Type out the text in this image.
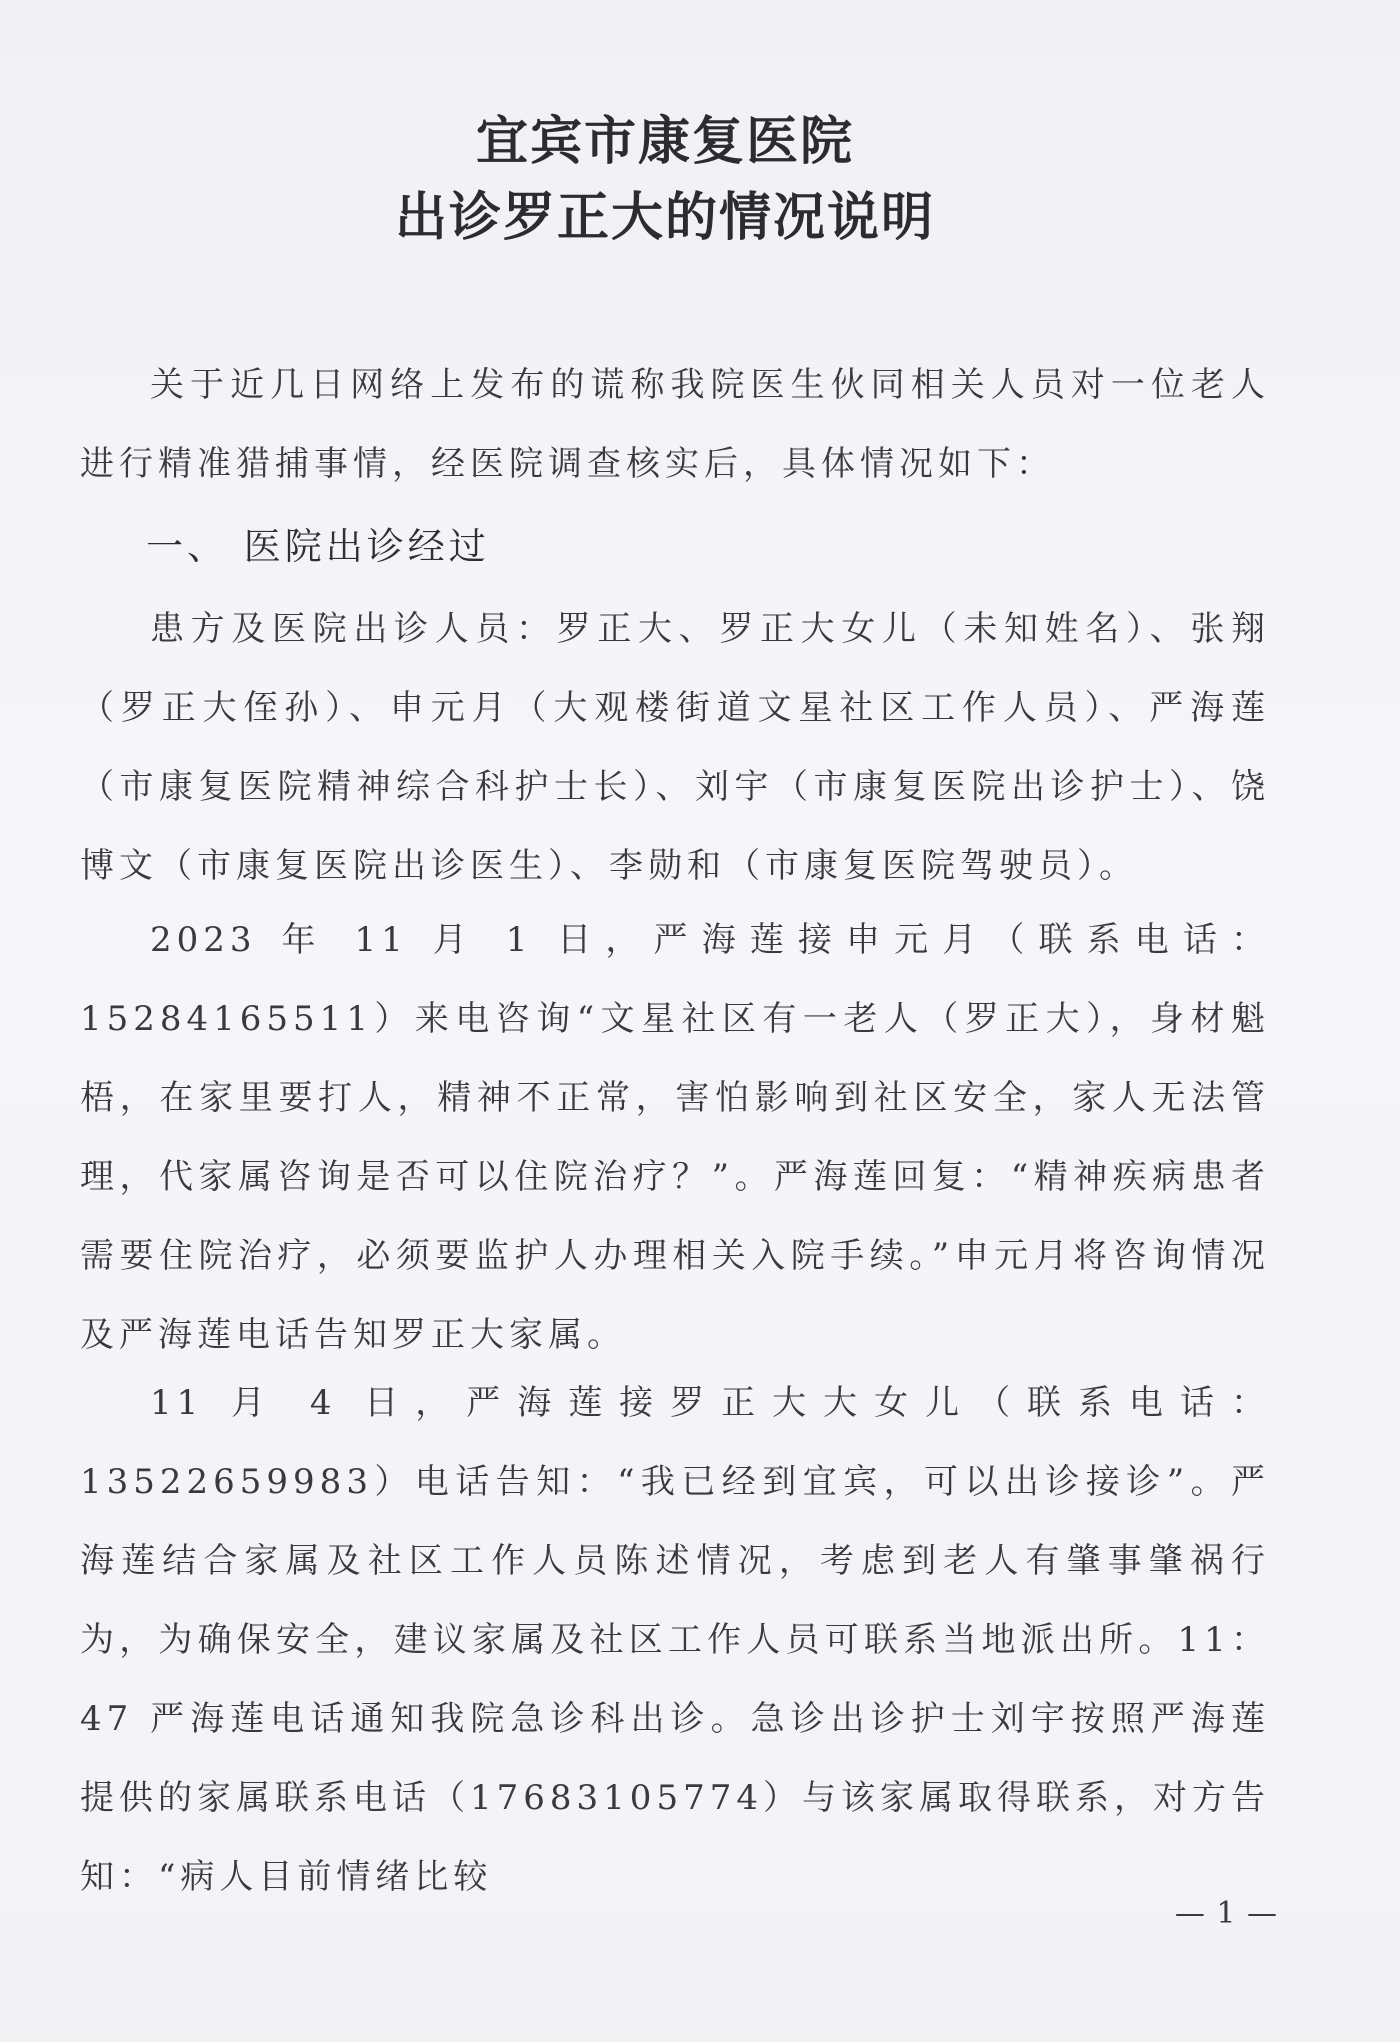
宜宾市康复医院
出诊罗正大的情况说明

关于近几日网络上发布的谎称我院医生伙同相关人员对一位老人进行精准猎捕事情，经医院调查核实后，具体情况如下：

一、 医院出诊经过

患方及医院出诊人员：罗正大、罗正大女儿（未知姓名）、张翔（罗正大侄孙）、申元月（大观楼街道文星社区工作人员）、严海莲（市康复医院精神综合科护士长）、刘宇（市康复医院出诊护士）、饶博文（市康复医院出诊医生）、李勋和（市康复医院驾驶员）。

2023 年 11 月 1 日，严海莲接申元月（联系电话：15284165511）来电咨询“文星社区有一老人（罗正大），身材魁梧，在家里要打人，精神不正常，害怕影响到社区安全，家人无法管理，代家属咨询是否可以住院治疗？”。严海莲回复：“精神疾病患者需要住院治疗，必须要监护人办理相关入院手续。”申元月将咨询情况及严海莲电话告知罗正大家属。

11 月 4 日，严海莲接罗正大大女儿（联系电话：13522659983）电话告知：“我已经到宜宾，可以出诊接诊”。严海莲结合家属及社区工作人员陈述情况，考虑到老人有肇事肇祸行为，为确保安全，建议家属及社区工作人员可联系当地派出所。11：47 严海莲电话通知我院急诊科出诊。急诊出诊护士刘宇按照严海莲提供的家属联系电话（17683105774）与该家属取得联系，对方告知：“病人目前情绪比较

— 1 —
